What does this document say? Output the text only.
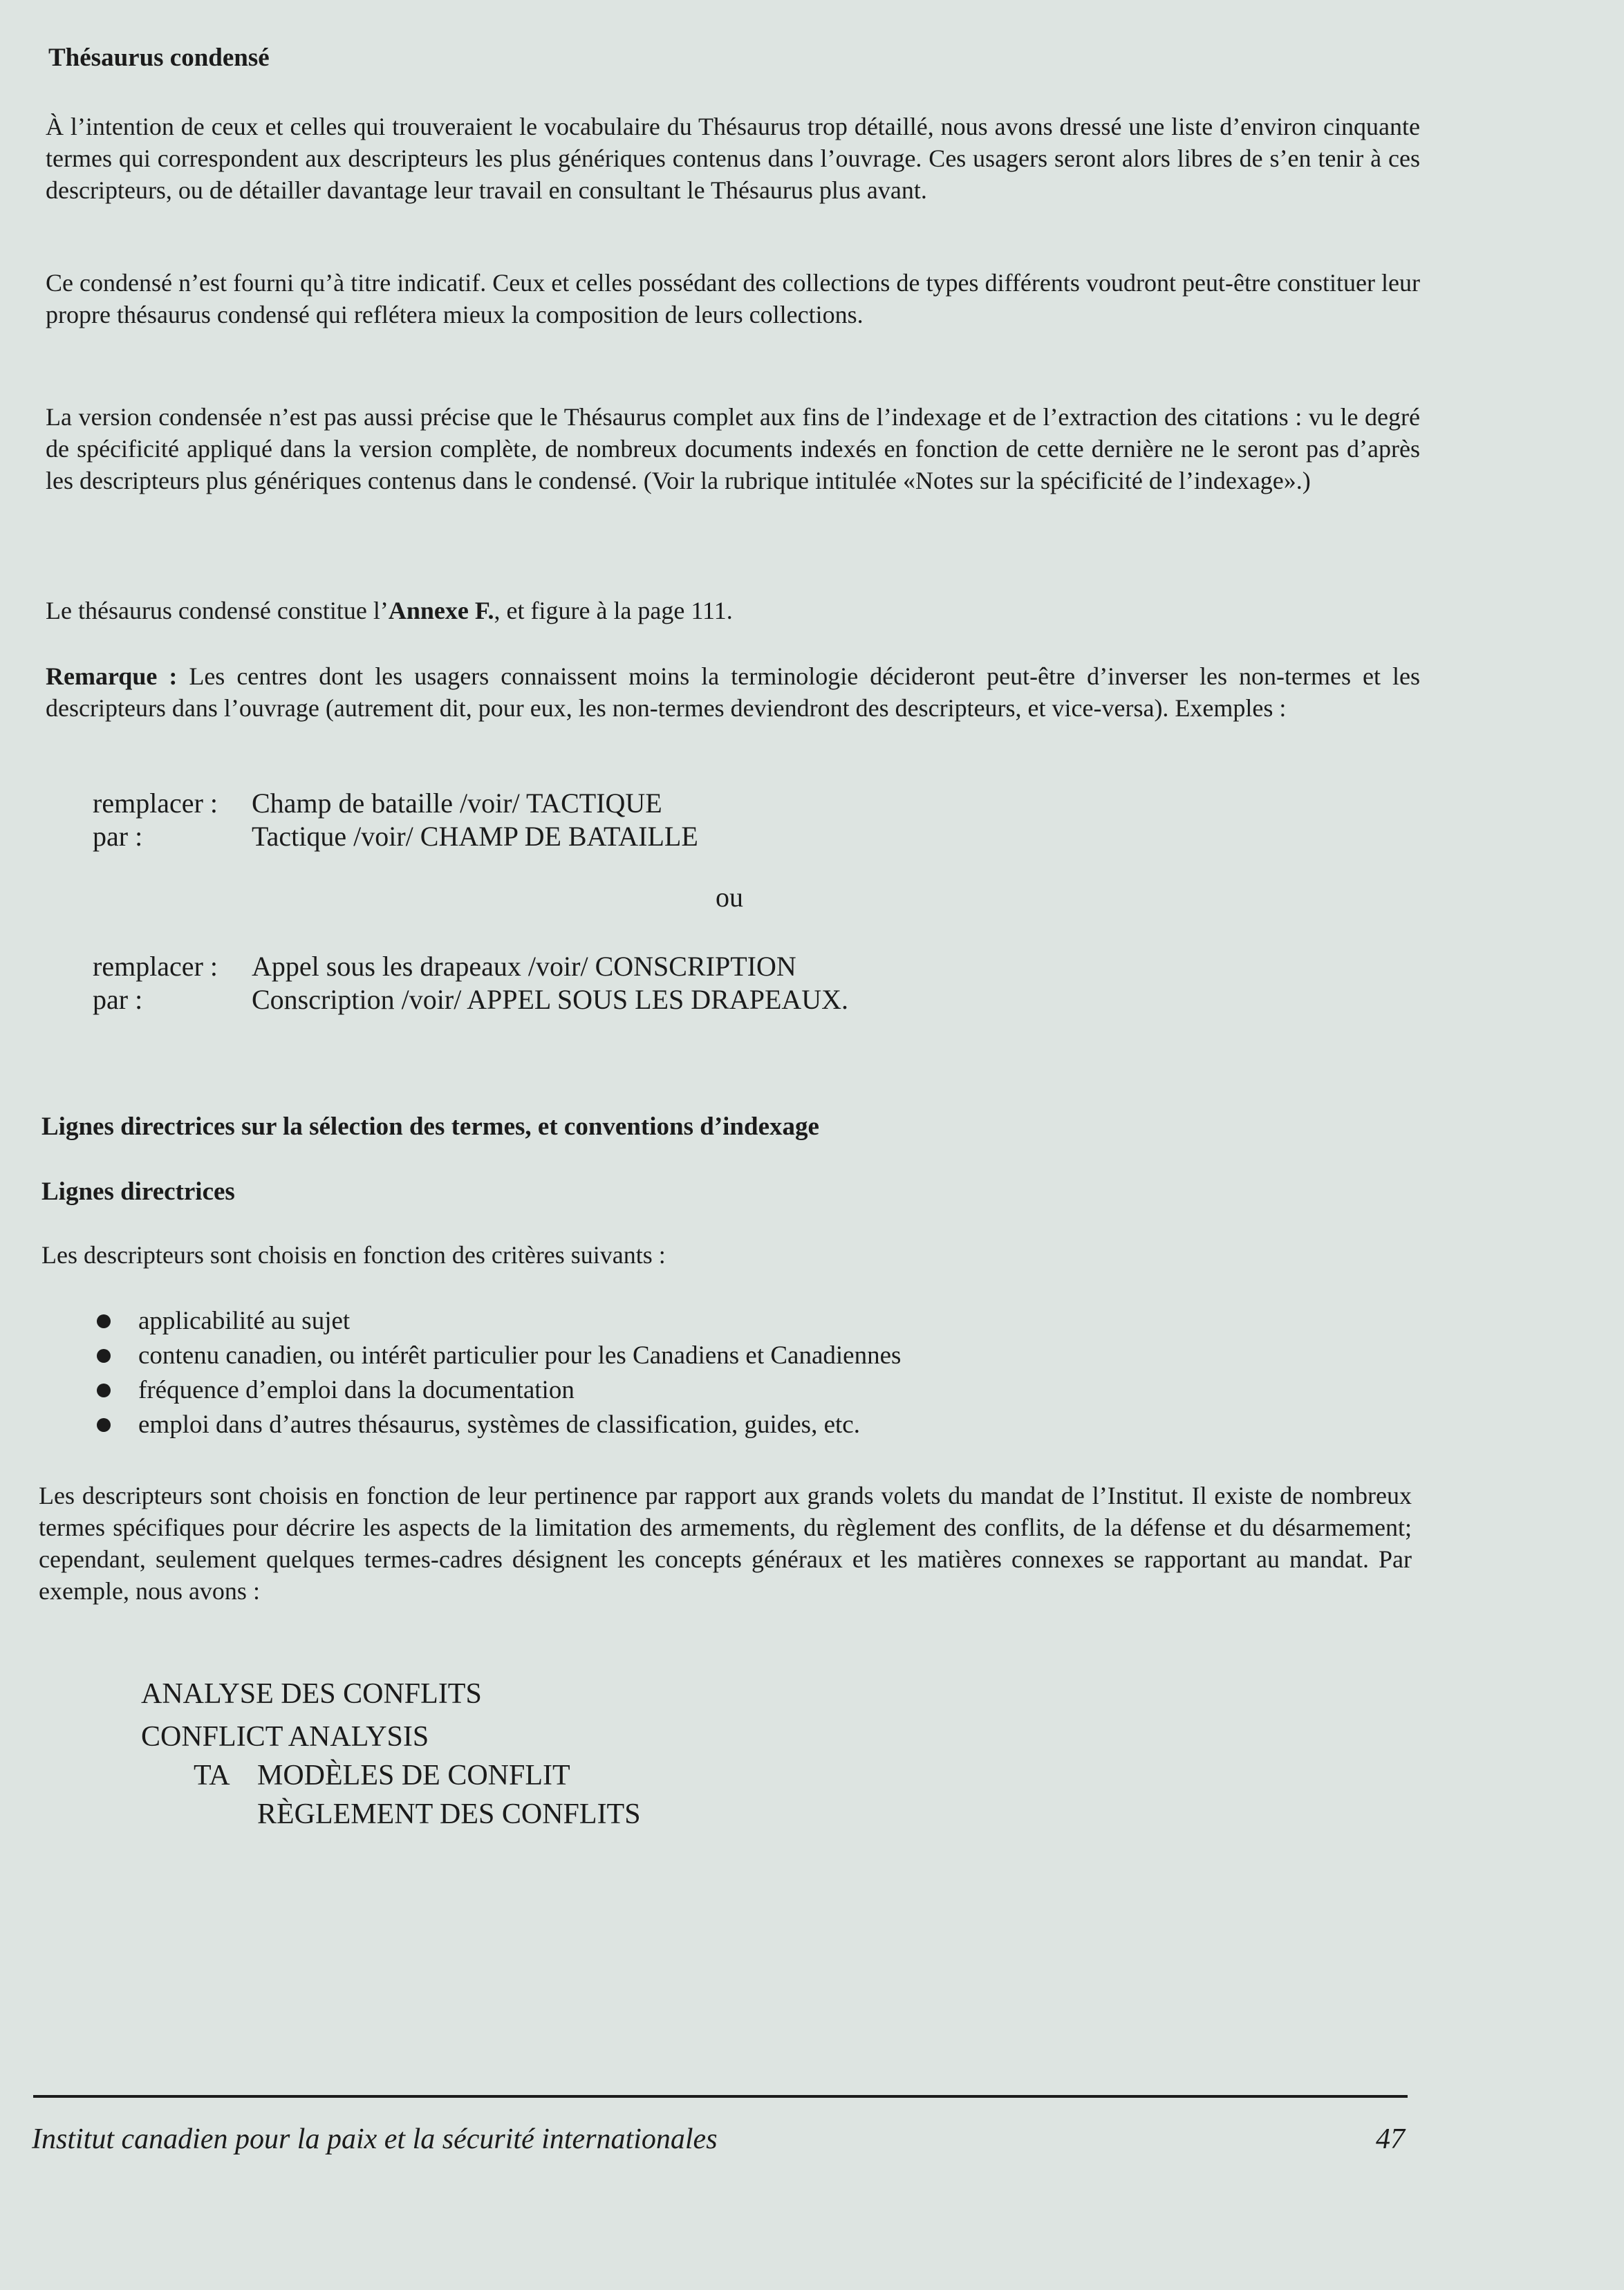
Thésaurus condensé

À l’intention de ceux et celles qui trouveraient le vocabulaire du Thésaurus trop détaillé, nous avons dressé une liste d’environ cinquante termes qui correspondent aux descripteurs les plus génériques contenus dans l’ouvrage. Ces usagers seront alors libres de s’en tenir à ces descripteurs, ou de détailler davantage leur travail en consultant le Thésaurus plus avant.

Ce condensé n’est fourni qu’à titre indicatif. Ceux et celles possédant des collections de types différents voudront peut-être constituer leur propre thésaurus condensé qui reflétera mieux la composition de leurs collections.

La version condensée n’est pas aussi précise que le Thésaurus complet aux fins de l’indexage et de l’extraction des citations : vu le degré de spécificité appliqué dans la version complète, de nombreux documents indexés en fonction de cette dernière ne le seront pas d’après les descripteurs plus génériques contenus dans le condensé. (Voir la rubrique intitulée «Notes sur la spécificité de l’indexage».)

Le thésaurus condensé constitue l’Annexe F., et figure à la page 111.

Remarque : Les centres dont les usagers connaissent moins la terminologie décideront peut-être d’inverser les non-termes et les descripteurs dans l’ouvrage (autrement dit, pour eux, les non-termes deviendront des descripteurs, et vice-versa). Exemples :

remplacer : Champ de bataille /voir/ TACTIQUE
par :	Tactique /voir/ CHAMP DE BATAILLE
ou
remplacer : Appel sous les drapeaux /voir/ CONSCRIPTION
par :	Conscription /voir/ APPEL SOUS LES DRAPEAUX.
Lignes directrices sur la sélection des termes, et conventions d’indexage
Lignes directrices

Les descripteurs sont choisis en fonction des critères suivants :

applicabilité au sujet
contenu canadien, ou intérêt particulier pour les Canadiens et Canadiennes
fréquence d’emploi dans la documentation
emploi dans d’autres thésaurus, systèmes de classification, guides, etc.

Les descripteurs sont choisis en fonction de leur pertinence par rapport aux grands volets du mandat de l’Institut. Il existe de nombreux termes spécifiques pour décrire les aspects de la limitation des armements, du règlement des conflits, de la défense et du désarmement; cependant, seulement quelques termes-cadres désignent les concepts généraux et les matières connexes se rapportant au mandat. Par exemple, nous avons :

ANALYSE DES CONFLITS
CONFLICT ANALYSIS
TA MODÈLES DE CONFLIT
RÈGLEMENT DES CONFLITS
Institut canadien pour la paix et la sécurité internationales	47
